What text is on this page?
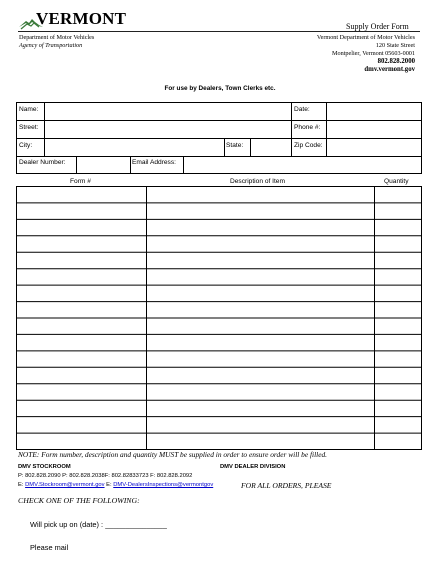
VERMONT	Supply Order Form
Department of Motor Vehicles
Agency of Transportation
Vermont Department of Motor Vehicles
120 State Street
Montpelier, Vermont 05603-0001
802.828.2000
dmv.vermont.gov
For use by Dealers, Town Clerks etc.
Name:	Date:
Street:	Phone #:
City:	State:	Zip Code:
Dealer Number:	Email Address:
Form #	Description of Item	Quantity
NOTE: Form number, description and quantity MUST be supplied in order to ensure order will be filled.
DMV STOCKROOM	DMV DEALER DIVISION
P: 802.828.2090 P: 802.828.2038F: 802.82833723 F: 802.828.2092
E: DMV.Stockroom@vermont.gov E: DMV-DealersInspections@vermontgov	FOR ALL ORDERS, PLEASE
CHECK ONE OF THE FOLLOWING:
Will pick up on (date) : _______________
Please mail
